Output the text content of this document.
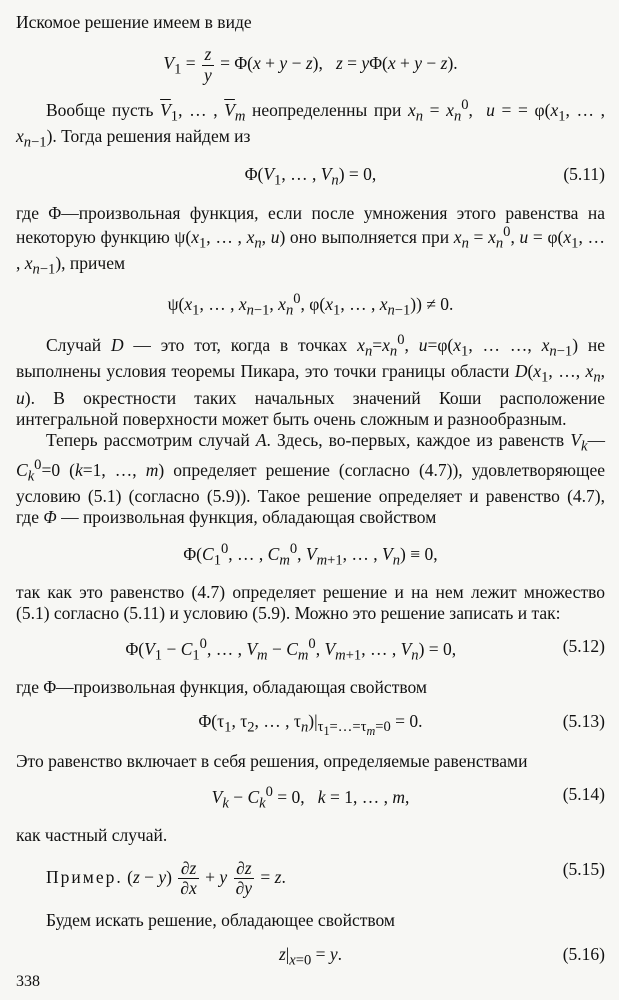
Искомое решение имеем в виде

$V_1 = \frac{z}{y} = \Phi(x + y - z)$,   z = yΦ(x + y − z).

Вообще пусть $\overline{V}_1$, … , $\overline{V}_m$ неопределенны при $x_n = x_n^0$,  u = = $\varphi(x_1$, … , $x_{n-1}$). Тогда решения найдем из

$\Phi(V_1$, … , $V_n) = 0$,	(5.11)

где Φ—произвольная функция, если после умножения этого равенства на некоторую функцию $\psi(x_1$, … , $x_n$, u) оно выполняется при $x_n = x_n^0$, $u = \varphi(x_1$, … , $x_{n-1}$), причем

$\psi(x_1$, … , $x_{n-1}$, $x_n^0$, $\varphi(x_1$, … , $x_{n-1})) \ne 0$.

Случай D — это тот, когда в точках $x_n=x_n^0$, $u=\varphi(x_1$, … …, $x_{n-1}$) не выполнены условия теоремы Пикара, это точки границы области $D(x_1$, …, $x_n$, u). В окрестности таких начальных значений Коши расположение интегральной поверхности может быть очень сложным и разнообразным.

Теперь рассмотрим случай A. Здесь, во-первых, каждое из равенств $V_k—C_k^0=0$ (k=1, …, m) определяет решение (согласно (4.7)), удовлетворяющее условию (5.1) (согласно (5.9)). Такое решение определяет и равенство (4.7), где Φ — произвольная функция, обладающая свойством

$\Phi(C_1^0$, … , $C_m^0$, $V_{m+1}$, … , $V_n) \equiv 0$,

так как это равенство (4.7) определяет решение и на нем лежит множество (5.1) согласно (5.11) и условию (5.9). Можно это решение записать и так:

$\Phi(V_1 - C_1^0$, … , $V_m - C_m^0$, $V_{m+1}$, … , $V_n) = 0$,	(5.12)

где Φ—произвольная функция, обладающая свойством

$\Phi(\tau_1$, $\tau_2$, … , $\tau_n)|_{\tau_1=\dots=\tau_m=0} = 0$.	(5.13)

Это равенство включает в себя решения, определяемые равенствами

$V_k - C_k^0 = 0$,   k = 1, … , m,	(5.14)

как частный случай.

Пример. $(z - y) \frac{\partial z}{\partial x} + y \frac{\partial z}{\partial y} = z$.	(5.15)

Будем искать решение, обладающее свойством

$z|_{x=0} = y$.	(5.16)
338
